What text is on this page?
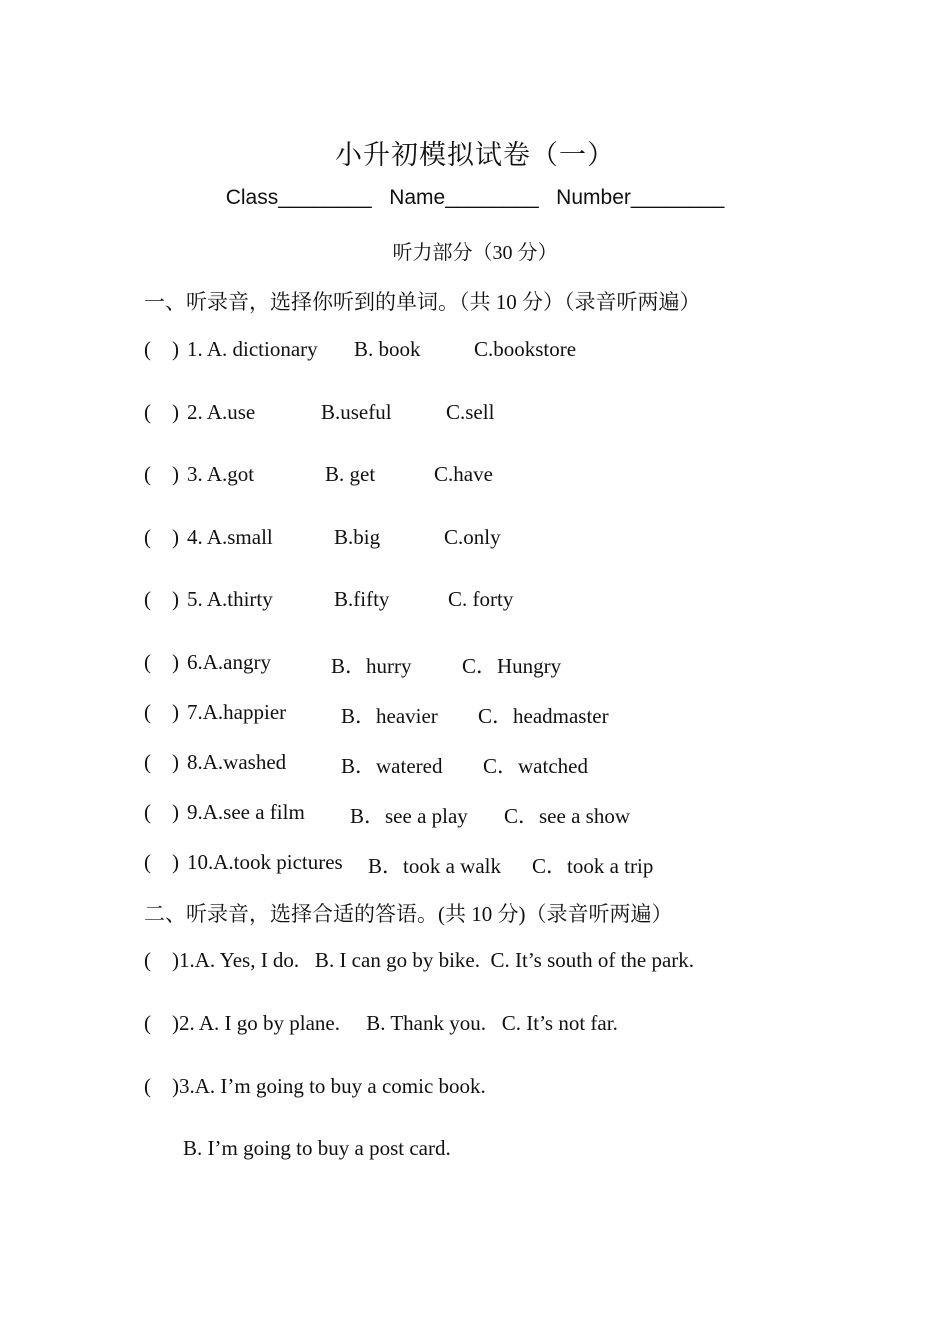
小升初模拟试卷（一）
Class________ Name________ Number________
听力部分（30 分）
一、听录音，选择你听到的单词。（共 10 分）（录音听两遍）
( ) 1. A. dictionary B. book	C.bookstore
( ) 2. A.use	B.useful	C.sell
( ) 3. A.got	B. get	C.have
( ) 4. A.small	B.big	C.only
( ) 5. A.thirty	B.fifty	C. forty
( ) 6.A.angry	B．hurry C．Hungry
( ) 7.A.happier	B．heavier C．headmaster
( ) 8.A.washed	B．watered C．watched
( ) 9.A.see a film B．see a play C．see a show
( ) 10.A.took pictures B．took a walk C．took a trip
二、听录音，选择合适的答语。(共 10 分)（录音听两遍）
( ) 1.A. Yes, I do.   B. I can go by bike.  C. It’s south of the park.
( ) 2. A. I go by plane.     B. Thank you.   C. It’s not far.
( ) 3.A. I’m going to buy a comic book.
B. I’m going to buy a post card.
